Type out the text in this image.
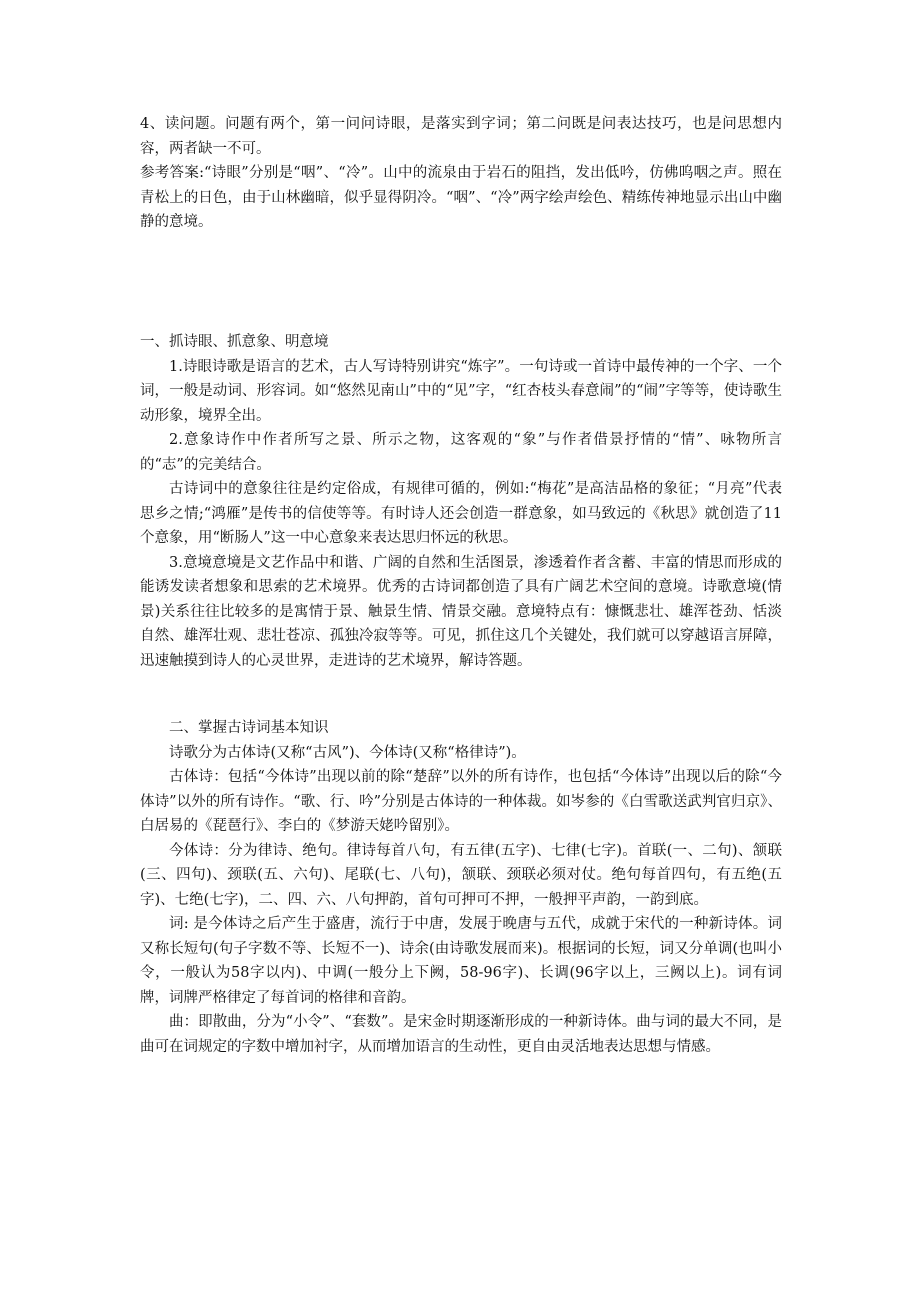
4、读问题。问题有两个，第一问问诗眼，是落实到字词；第二问既是问表达技巧，也是问思想内容，两者缺一不可。

参考答案:“诗眼”分别是“咽”、“冷”。山中的流泉由于岩石的阻挡，发出低吟，仿佛呜咽之声。照在青松上的日色，由于山林幽暗，似乎显得阴冷。“咽”、“冷”两字绘声绘色、精练传神地显示出山中幽静的意境。

一、抓诗眼、抓意象、明意境

1.诗眼诗歌是语言的艺术，古人写诗特别讲究“炼字”。一句诗或一首诗中最传神的一个字、一个词，一般是动词、形容词。如“悠然见南山”中的“见”字，“红杏枝头春意闹”的“闹”字等等，使诗歌生动形象，境界全出。

2.意象诗作中作者所写之景、所示之物，这客观的“象”与作者借景抒情的“情”、咏物所言的“志”的完美结合。

古诗词中的意象往往是约定俗成，有规律可循的，例如:“梅花”是高洁品格的象征；“月亮”代表思乡之情;“鸿雁”是传书的信使等等。有时诗人还会创造一群意象，如马致远的《秋思》就创造了11个意象，用“断肠人”这一中心意象来表达思归怀远的秋思。

3.意境意境是文艺作品中和谐、广阔的自然和生活图景，渗透着作者含蓄、丰富的情思而形成的能诱发读者想象和思索的艺术境界。优秀的古诗词都创造了具有广阔艺术空间的意境。诗歌意境(情景)关系往往比较多的是寓情于景、触景生情、情景交融。意境特点有：慷慨悲壮、雄浑苍劲、恬淡自然、雄浑壮观、悲壮苍凉、孤独冷寂等等。可见，抓住这几个关键处，我们就可以穿越语言屏障，迅速触摸到诗人的心灵世界，走进诗的艺术境界，解诗答题。

二、掌握古诗词基本知识

诗歌分为古体诗(又称“古风”)、今体诗(又称“格律诗”)。

古体诗：包括“今体诗”出现以前的除“楚辞”以外的所有诗作，也包括“今体诗”出现以后的除“今体诗”以外的所有诗作。“歌、行、吟”分别是古体诗的一种体裁。如岑参的《白雪歌送武判官归京》、白居易的《琵琶行》、李白的《梦游天姥吟留别》。

今体诗：分为律诗、绝句。律诗每首八句，有五律(五字)、七律(七字)。首联(一、二句)、颔联(三、四句)、颈联(五、六句)、尾联(七、八句)，颔联、颈联必须对仗。绝句每首四句，有五绝(五字)、七绝(七字)，二、四、六、八句押韵，首句可押可不押，一般押平声韵，一韵到底。

词: 是今体诗之后产生于盛唐，流行于中唐，发展于晚唐与五代，成就于宋代的一种新诗体。词又称长短句(句子字数不等、长短不一)、诗余(由诗歌发展而来)。根据词的长短，词又分单调(也叫小令，一般认为58字以内)、中调(一般分上下阙，58-96字)、长调(96字以上，三阙以上)。词有词牌，词牌严格律定了每首词的格律和音韵。

曲：即散曲，分为“小令”、“套数”。是宋金时期逐渐形成的一种新诗体。曲与词的最大不同，是曲可在词规定的字数中增加衬字，从而增加语言的生动性，更自由灵活地表达思想与情感。
